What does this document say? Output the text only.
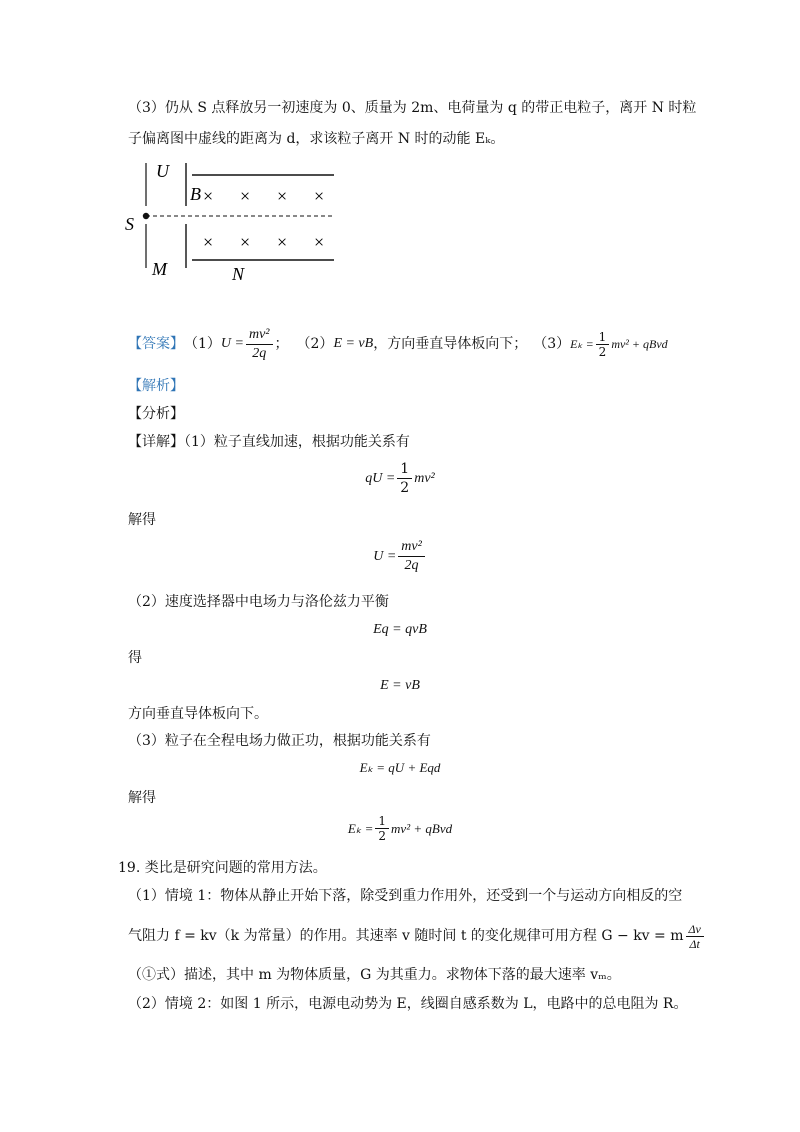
（3）仍从 S 点释放另一初速度为 0、质量为 2m、电荷量为 q 的带正电粒子，离开 N 时粒
子偏离图中虚线的距离为 d，求该粒子离开 N 时的动能 Eₖ。
U
B
S
M	N
× × × ×
× × × ×
【答案】 （1） $U = \frac{\text{mv²}}{2q}$ ； （2） E = vB ，方向垂直导体板向下； （3） $E_k = \frac{1}{2} mv^2$ + qBvd
【解析】
【分析】
【详解】（1）粒子直线加速，根据功能关系有
qU = $\frac{1}{2} mv^2$
解得
$U = \frac{\text{mv²}}{2q}$
（2）速度选择器中电场力与洛伦兹力平衡
Eq = qvB
得
E = vB
方向垂直导体板向下。
（3）粒子在全程电场力做正功，根据功能关系有
Eₖ = qU + Eqd
解得
$E_k = \frac{1}{2} mv^2$ + qBvd
19. 类比是研究问题的常用方法。
（1）情境 1：物体从静止开始下落，除受到重力作用外，还受到一个与运动方向相反的空
气阻力 f = kv（k 为常量）的作用。其速率 v 随时间 t 的变化规律可用方程 G − kv = m $\frac{\Delta v}{\Delta t}$
（①式）描述，其中 m 为物体质量，G 为其重力。求物体下落的最大速率 vₘ。
（2）情境 2：如图 1 所示，电源电动势为 E，线圈自感系数为 L，电路中的总电阻为 R。
